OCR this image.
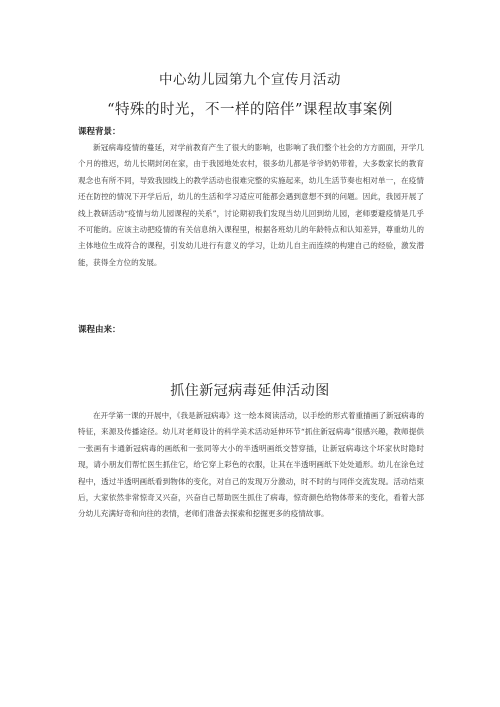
中心幼儿园第九个宣传月活动
“特殊的时光，不一样的陪伴”课程故事案例
课程背景：

新冠病毒疫情的蔓延，对学前教育产生了很大的影响，也影响了我们整个社会的方方面面，开学几个月的推迟，幼儿长期封闭在家，由于我园地处农村，很多幼儿都是爷爷奶奶带着，大多数家长的教育观念也有所不同，导致我园线上的教学活动也很难完整的实施起来，幼儿生活节奏也相对单一，在疫情还在防控的情况下开学后后，幼儿的生活和学习适应可能都会遇到意想不到的问题。因此，我园开展了线上教研活动“疫情与幼儿园课程的关系”，讨论期初我们发现当幼儿回到幼儿园，老师要避疫情是几乎不可能的。应该主动把疫情的有关信息纳入课程里，根据各班幼儿的年龄特点和认知差异，尊重幼儿的主体地位生成符合的课程，引发幼儿进行有意义的学习，让幼儿自主而连续的构建自己的经验，激发潜能，获得全方位的发展。

课程由来：
抓住新冠病毒延伸活动图

在开学第一课的开展中，《我是新冠病毒》这一绘本阅读活动，以手绘的形式着重描画了新冠病毒的特征，来源及传播途径。幼儿对老师设计的科学美术活动延伸环节“抓住新冠病毒”很感兴趣，教师提供一张画有卡通新冠病毒的画纸和一张同等大小的半透明画纸交替穿插，让新冠病毒这个坏家伙时隐时现，请小朋友们帮忙医生抓住它，给它穿上彩色的衣服，让其在半透明画纸下处处遁形。幼儿在涂色过程中，透过半透明画纸看到物体的变化，对自己的发现万分激动，时不时的与同伴交流发现。活动结束后，大家依然非常惊奇又兴奋，兴奋自己帮助医生抓住了病毒，惊奇颜色给物体带来的变化，看着大部分幼儿充满好奇和向往的表情，老师们准备去探索和挖掘更多的疫情故事。
